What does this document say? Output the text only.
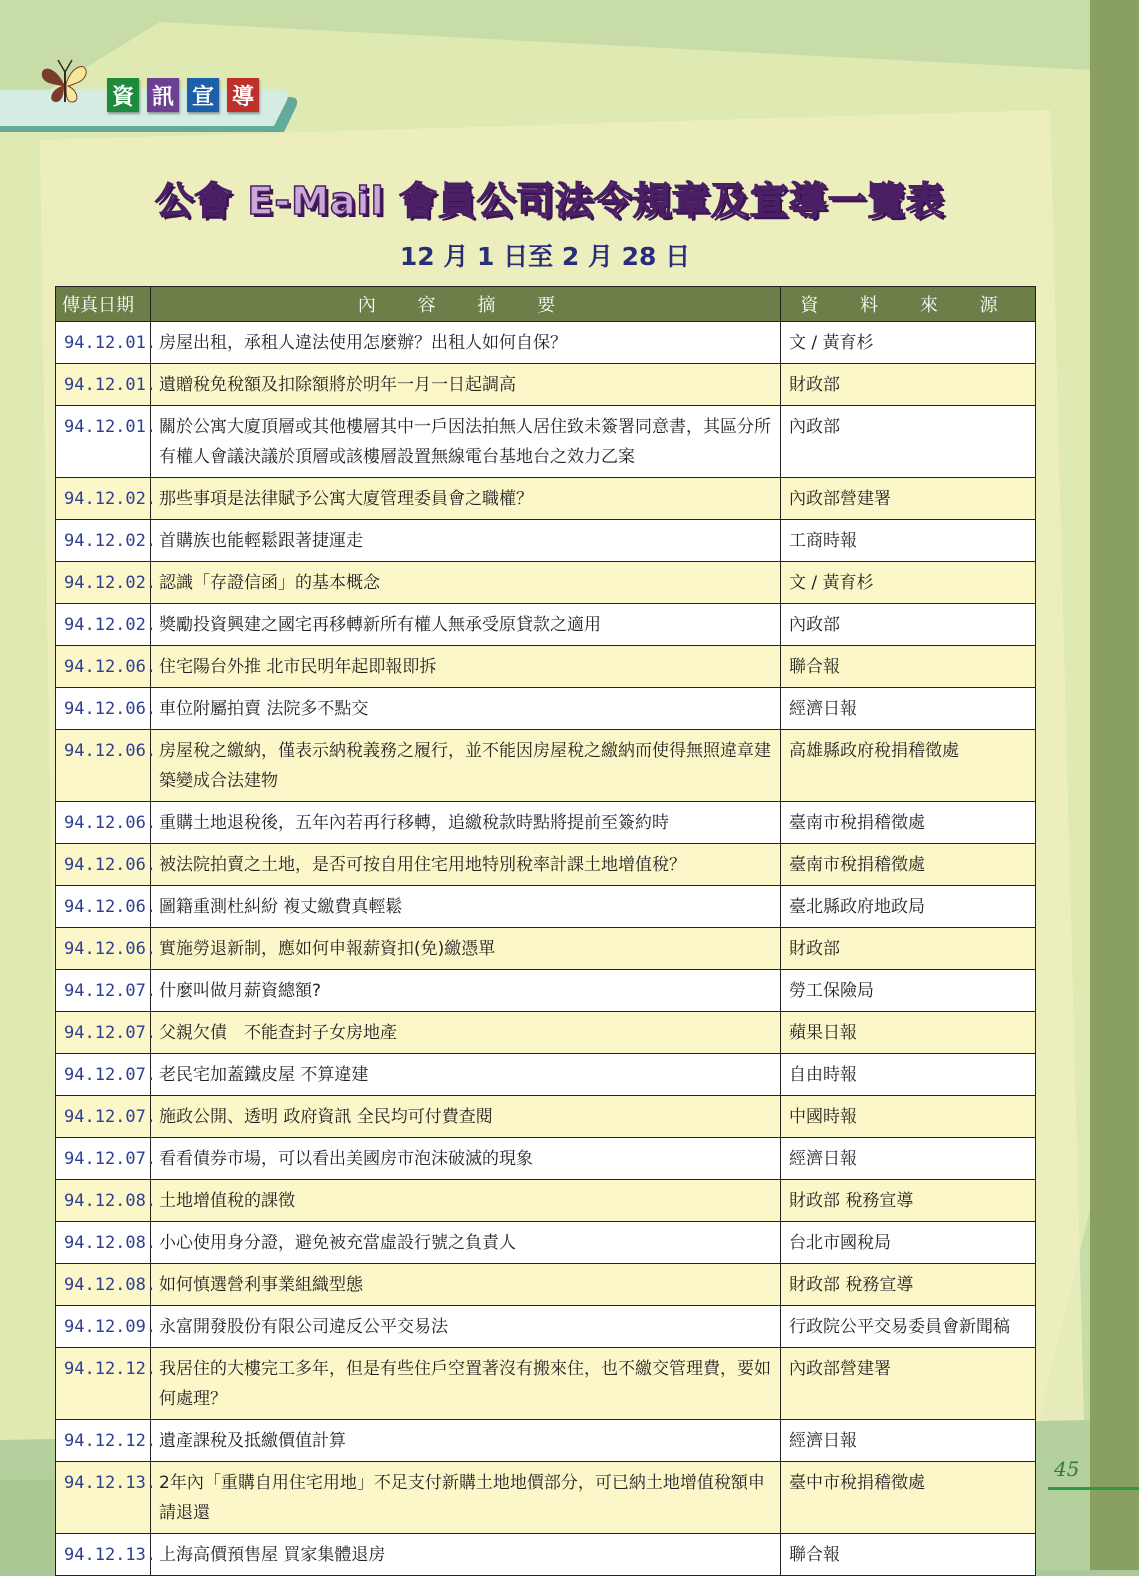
資 訊 宣 導
公會 E-Mail 會員公司法令規章及宣導一覽表
12 月 1 日至 2 月 28 日
傳真日期	內 容 摘 要	資 料 來 源
94.12.01.	房屋出租，承租人違法使用怎麼辦？出租人如何自保？	文 / 黃育杉
94.12.01.	遺贈稅免稅額及扣除額將於明年一月一日起調高	財政部
94.12.01.	關於公寓大廈頂層或其他樓層其中一戶因法拍無人居住致未簽署同意書，其區分所有權人會議決議於頂層或該樓層設置無線電台基地台之效力乙案	內政部
94.12.02.	那些事項是法律賦予公寓大廈管理委員會之職權？	內政部營建署
94.12.02.	首購族也能輕鬆跟著捷運走	工商時報
94.12.02.	認識「存證信函」的基本概念	文 / 黃育杉
94.12.02.	獎勵投資興建之國宅再移轉新所有權人無承受原貸款之適用	內政部
94.12.06.	住宅陽台外推 北市民明年起即報即拆	聯合報
94.12.06.	車位附屬拍賣 法院多不點交	經濟日報
94.12.06.	房屋稅之繳納，僅表示納稅義務之履行，並不能因房屋稅之繳納而使得無照違章建築變成合法建物	高雄縣政府稅捐稽徵處
94.12.06.	重購土地退稅後，五年內若再行移轉，追繳稅款時點將提前至簽約時	臺南市稅捐稽徵處
94.12.06.	被法院拍賣之土地，是否可按自用住宅用地特別稅率計課土地增值稅？	臺南市稅捐稽徵處
94.12.06.	圖籍重測杜糾紛 複丈繳費真輕鬆	臺北縣政府地政局
94.12.06.	實施勞退新制，應如何申報薪資扣(免)繳憑單	財政部
94.12.07.	什麼叫做月薪資總額?	勞工保險局
94.12.07.	父親欠債　不能查封子女房地產	蘋果日報
94.12.07.	老民宅加蓋鐵皮屋 不算違建	自由時報
94.12.07.	施政公開、透明 政府資訊 全民均可付費查閱	中國時報
94.12.07.	看看債券市場，可以看出美國房市泡沫破滅的現象	經濟日報
94.12.08.	土地增值稅的課徵	財政部 稅務宣導
94.12.08.	小心使用身分證，避免被充當虛設行號之負責人	台北市國稅局
94.12.08.	如何慎選營利事業組織型態	財政部 稅務宣導
94.12.09.	永富開發股份有限公司違反公平交易法	行政院公平交易委員會新聞稿
94.12.12.	我居住的大樓完工多年，但是有些住戶空置著沒有搬來住，也不繳交管理費，要如何處理？	內政部營建署
94.12.12.	遺產課稅及抵繳價值計算	經濟日報
94.12.13.	2年內「重購自用住宅用地」不足支付新購土地地價部分，可已納土地增值稅額申請退還	臺中市稅捐稽徵處
94.12.13.	上海高價預售屋 買家集體退房	聯合報
45
